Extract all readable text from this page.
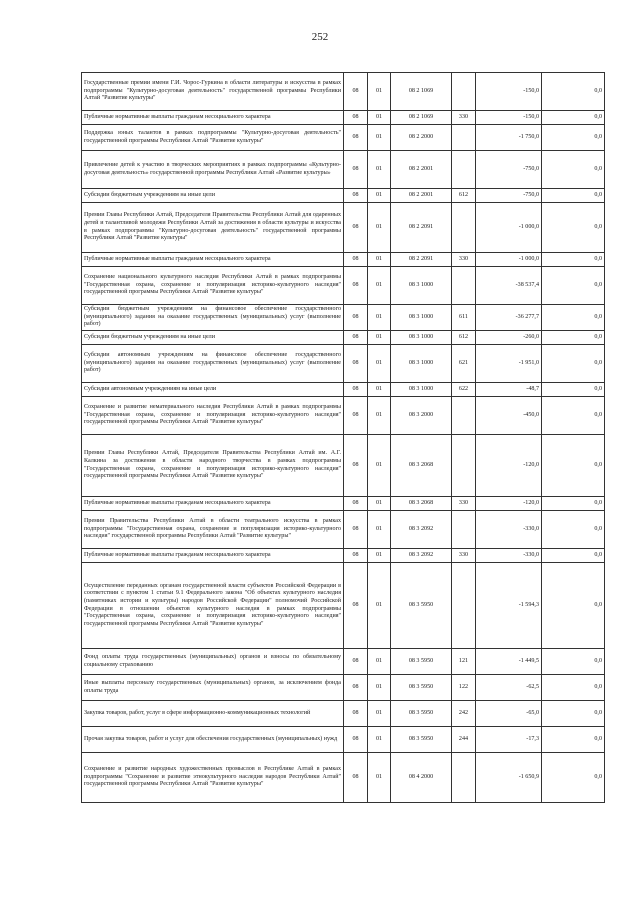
252
Государственные премии имени Г.И. Чорос-Гуркина в области литературы и искусства в рамках подпрограммы "Культурно-досуговая деятельность" государственной программы Республики Алтай "Развитие культуры"	08	01	08 2 1069		-150,0	0,0
Публичные нормативные выплаты гражданам несоциального характера	08	01	08 2 1069	330	-150,0	0,0
Поддержка юных талантов в рамках подпрограммы "Культурно-досуговая деятельность" государственной программы Республики Алтай "Развитие культуры"	08	01	08 2 2000		-1 750,0	0,0
Привлечение детей к участию в творческих мероприятиях в рамках подпрограммы «Культурно-досуговая деятельность» государственной программы Республики Алтай «Развитие культуры»	08	01	08 2 2001		-750,0	0,0
Субсидии бюджетным учреждениям на иные цели	08	01	08 2 2001	612	-750,0	0,0
Премии Главы Республики Алтай, Председателя Правительства Республики Алтай для одаренных детей и талантливой молодежи Республики Алтай за достижения в области культуры и искусства в рамках подпрограммы "Культурно-досуговая деятельность" государственной программы Республики Алтай "Развитие культуры"	08	01	08 2 2091		-1 000,0	0,0
Публичные нормативные выплаты гражданам несоциального характера	08	01	08 2 2091	330	-1 000,0	0,0
Сохранение национального культурного наследия Республики Алтай в рамках подпрограммы "Государственная охрана, сохранение и популяризация историко-культурного наследия" государственной программы Республики Алтай "Развитие культуры"	08	01	08 3 1000		-38 537,4	0,0
Субсидии бюджетным учреждениям на финансовое обеспечение государственного (муниципального) задания на оказание государственных (муниципальных) услуг (выполнение работ)	08	01	08 3 1000	611	-36 277,7	0,0
Субсидии бюджетным учреждениям на иные цели	08	01	08 3 1000	612	-260,0	0,0
Субсидии автономным учреждениям на финансовое обеспечение государственного (муниципального) задания на оказание государственных (муниципальных) услуг (выполнение работ)	08	01	08 3 1000	621	-1 951,0	0,0
Субсидии автономным учреждениям на иные цели	08	01	08 3 1000	622	-48,7	0,0
Сохранение и развитие нематериального наследия Республики Алтай в рамках подпрограммы "Государственная охрана, сохранение и популяризация историко-культурного наследия" государственной программы Республики Алтай "Развитие культуры"	08	01	08 3 2000		-450,0	0,0
Премии Главы Республики Алтай, Председателя Правительства Республики Алтай им. А.Г. Калкина за достижения в области народного творчества в рамках подпрограммы "Государственная охрана, сохранение и популяризация историко-культурного наследия" государственной программы Республики Алтай "Развитие культуры"	08	01	08 3 2068		-120,0	0,0
Публичные нормативные выплаты гражданам несоциального характера	08	01	08 3 2068	330	-120,0	0,0
Премии Правительства Республики Алтай в области театрального искусства в рамках подпрограммы "Государственная охрана, сохранение и популяризация историко-культурного наследия" государственной программы Республики Алтай "Развитие культуры"	08	01	08 3 2092		-330,0	0,0
Публичные нормативные выплаты гражданам несоциального характера	08	01	08 3 2092	330	-330,0	0,0
Осуществление переданных органам государственной власти субъектов Российской Федерации в соответствии с пунктом 1 статьи 9.1 Федерального закона "Об объектах культурного наследия (памятниках истории и культуры) народов Российской Федерации" полномочий Российской Федерации в отношении объектов культурного наследия в рамках подпрограммы "Государственная охрана, сохранение и популяризация историко-культурного наследия" государственной программы Республики Алтай "Развитие культуры"	08	01	08 3 5950		-1 594,3	0,0
Фонд оплаты труда государственных (муниципальных) органов и взносы по обязательному социальному страхованию	08	01	08 3 5950	121	-1 449,5	0,0
Иные выплаты персоналу государственных (муниципальных) органов, за исключением фонда оплаты труда	08	01	08 3 5950	122	-62,5	0,0
Закупка товаров, работ, услуг в сфере информационно-коммуникационных технологий	08	01	08 3 5950	242	-65,0	0,0
Прочая закупка товаров, работ и услуг для обеспечения государственных (муниципальных) нужд	08	01	08 3 5950	244	-17,3	0,0
Сохранение и развитие народных художественных промыслов в Республике Алтай в рамках подпрограммы "Сохранение и развитие этнокультурного наследия народов Республики Алтай" государственной программы Республики Алтай "Развитие культуры"	08	01	08 4 2000		-1 650,9	0,0
